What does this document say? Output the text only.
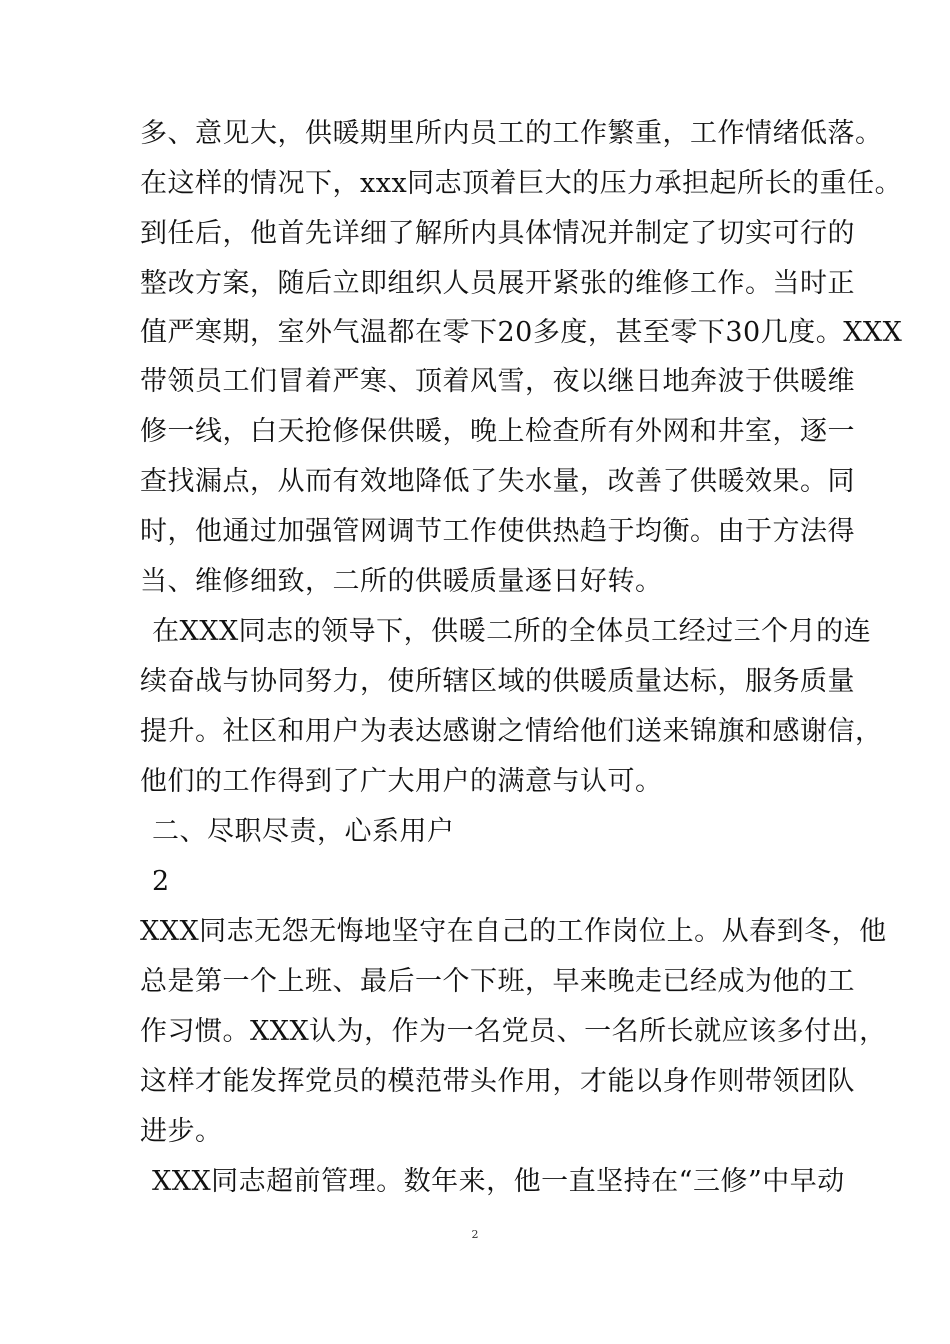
多、意见大，供暖期里所内员工的工作繁重，工作情绪低落。
在这样的情况下，xxx同志顶着巨大的压力承担起所长的重任。
到任后，他首先详细了解所内具体情况并制定了切实可行的
整改方案，随后立即组织人员展开紧张的维修工作。当时正
值严寒期，室外气温都在零下20多度，甚至零下30几度。XXX
带领员工们冒着严寒、顶着风雪，夜以继日地奔波于供暖维
修一线，白天抢修保供暖，晚上检查所有外网和井室，逐一
查找漏点，从而有效地降低了失水量，改善了供暖效果。同
时，他通过加强管网调节工作使供热趋于均衡。由于方法得
当、维修细致，二所的供暖质量逐日好转。
在XXX同志的领导下，供暖二所的全体员工经过三个月的连
续奋战与协同努力，使所辖区域的供暖质量达标，服务质量
提升。社区和用户为表达感谢之情给他们送来锦旗和感谢信，
他们的工作得到了广大用户的满意与认可。
二、尽职尽责，心系用户
2
XXX同志无怨无悔地坚守在自己的工作岗位上。从春到冬，他
总是第一个上班、最后一个下班，早来晚走已经成为他的工
作习惯。XXX认为，作为一名党员、一名所长就应该多付出，
这样才能发挥党员的模范带头作用，才能以身作则带领团队
进步。
XXX同志超前管理。数年来，他一直坚持在“三修”中早动
2
